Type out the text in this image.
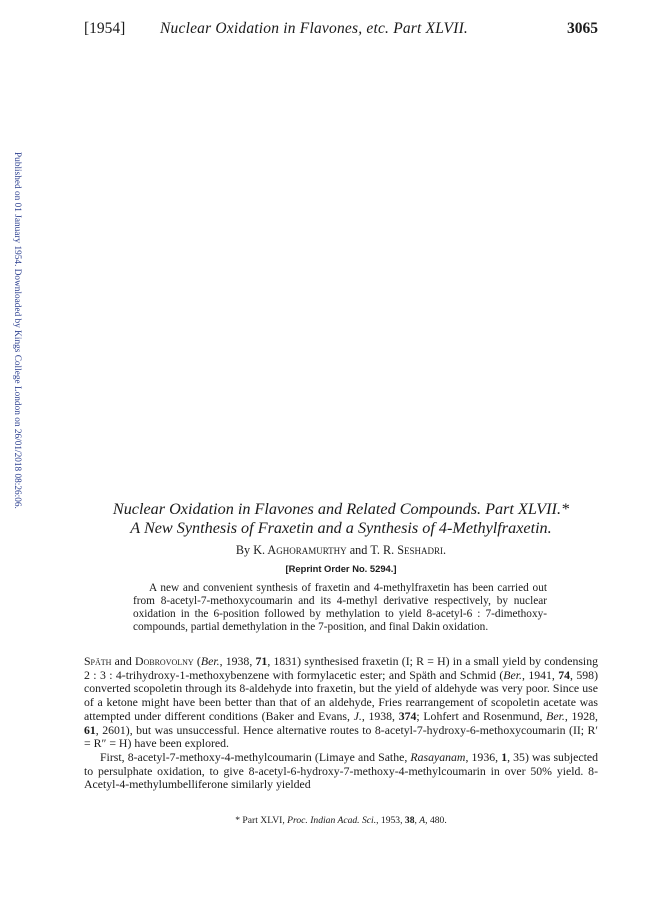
[1954] Nuclear Oxidation in Flavones, etc. Part XLVII.	3065
Published on 01 January 1954. Downloaded by Kings College London on 26/01/2018 08:26:06.
Nuclear Oxidation in Flavones and Related Compounds. Part XLVII.*
A New Synthesis of Fraxetin and a Synthesis of 4-Methylfraxetin.
By K. Aghoramurthy and T. R. Seshadri.
[Reprint Order No. 5294.]
A new and convenient synthesis of fraxetin and 4-methylfraxetin has been carried out from 8-acetyl-7-methoxycoumarin and its 4-methyl derivative respectively, by nuclear oxidation in the 6-position followed by methylation to yield 8-acetyl-6 : 7-dimethoxy-compounds, partial demethylation in the 7-position, and final Dakin oxidation.

Späth and Dobrovolny (Ber., 1938, 71, 1831) synthesised fraxetin (I; R = H) in a small yield by condensing 2 : 3 : 4-trihydroxy-1-methoxybenzene with formylacetic ester; and Späth and Schmid (Ber., 1941, 74, 598) converted scopoletin through its 8-aldehyde into fraxetin, but the yield of aldehyde was very poor. Since use of a ketone might have been better than that of an aldehyde, Fries rearrangement of scopoletin acetate was attempted under different conditions (Baker and Evans, J., 1938, 374; Lohfert and Rosenmund, Ber., 1928, 61, 2601), but was unsuccessful. Hence alternative routes to 8-acetyl-7-hydroxy-6-methoxycoumarin (II; R′ = R″ = H) have been explored.

First, 8-acetyl-7-methoxy-4-methylcoumarin (Limaye and Sathe, Rasayanam, 1936, 1, 35) was subjected to persulphate oxidation, to give 8-acetyl-6-hydroxy-7-methoxy-4-methylcoumarin in over 50% yield. 8-Acetyl-4-methylumbelliferone similarly yielded

* Part XLVI, Proc. Indian Acad. Sci., 1953, 38, A, 480.
